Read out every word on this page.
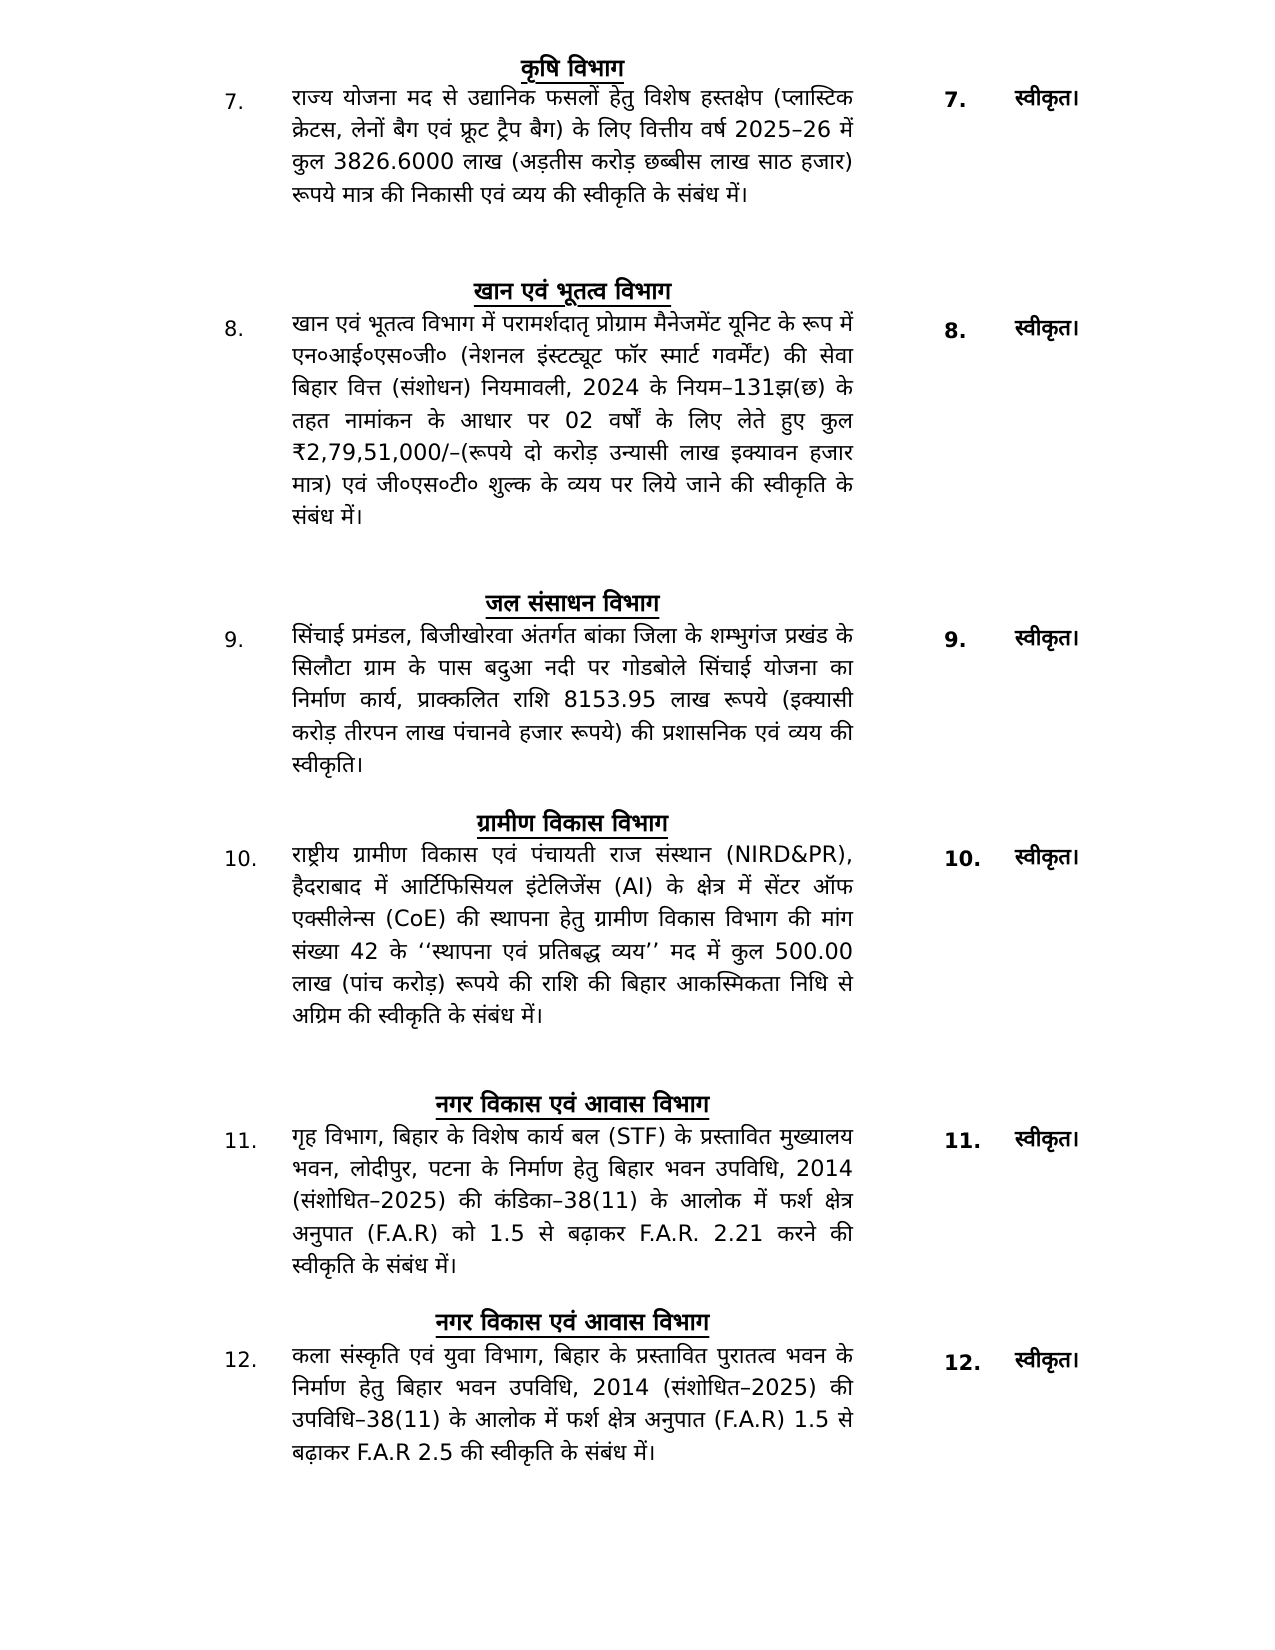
कृषि विभाग
7. राज्य योजना मद से उद्यानिक फसलों हेतु विशेष हस्तक्षेप (प्लास्टिक क्रेटस, लेनों बैग एवं फ्रूट ट्रैप बैग) के लिए वित्तीय वर्ष 2025–26 में कुल 3826.6000 लाख (अड़तीस करोड़ छब्बीस लाख साठ हजार) रूपये मात्र की निकासी एवं व्यय की स्वीकृति के संबंध में।
7. स्वीकृत।
खान एवं भूतत्व विभाग
8. खान एवं भूतत्व विभाग में परामर्शदातृ प्रोग्राम मैनेजमेंट यूनिट के रूप में एन०आई०एस०जी० (नेशनल इंस्टट्यूट फॉर स्मार्ट गवर्मेंट) की सेवा बिहार वित्त (संशोधन) नियमावली, 2024 के नियम–131झ(छ) के तहत नामांकन के आधार पर 02 वर्षों के लिए लेते हुए कुल ₹2,79,51,000/–(रूपये दो करोड़ उन्यासी लाख इक्यावन हजार मात्र) एवं जी०एस०टी० शुल्क के व्यय पर लिये जाने की स्वीकृति के संबंध में।
8. स्वीकृत।
जल संसाधन विभाग
9. सिंचाई प्रमंडल, बिजीखोरवा अंतर्गत बांका जिला के शम्भुगंज प्रखंड के सिलौटा ग्राम के पास बदुआ नदी पर गोडबोले सिंचाई योजना का निर्माण कार्य, प्राक्कलित राशि 8153.95 लाख रूपये (इक्यासी करोड़ तीरपन लाख पंचानवे हजार रूपये) की प्रशासनिक एवं व्यय की स्वीकृति।
9. स्वीकृत।
ग्रामीण विकास विभाग
10. राष्ट्रीय ग्रामीण विकास एवं पंचायती राज संस्थान (NIRD&PR), हैदराबाद में आर्टिफिसियल इंटेलिजेंस (AI) के क्षेत्र में सेंटर ऑफ एक्सीलेन्स (CoE) की स्थापना हेतु ग्रामीण विकास विभाग की मांग संख्या 42 के ‘‘स्थापना एवं प्रतिबद्ध व्यय’’ मद में कुल 500.00 लाख (पांच करोड़) रूपये की राशि की बिहार आकस्मिकता निधि से अग्रिम की स्वीकृति के संबंध में।
10. स्वीकृत।
नगर विकास एवं आवास विभाग
11. गृह विभाग, बिहार के विशेष कार्य बल (STF) के प्रस्तावित मुख्यालय भवन, लोदीपुर, पटना के निर्माण हेतु बिहार भवन उपविधि, 2014 (संशोधित–2025) की कंडिका–38(11) के आलोक में फर्श क्षेत्र अनुपात (F.A.R) को 1.5 से बढ़ाकर F.A.R. 2.21 करने की स्वीकृति के संबंध में।
11. स्वीकृत।
नगर विकास एवं आवास विभाग
12. कला संस्कृति एवं युवा विभाग, बिहार के प्रस्तावित पुरातत्व भवन के निर्माण हेतु बिहार भवन उपविधि, 2014 (संशोधित–2025) की उपविधि–38(11) के आलोक में फर्श क्षेत्र अनुपात (F.A.R) 1.5 से बढ़ाकर F.A.R 2.5 की स्वीकृति के संबंध में।
12. स्वीकृत।
